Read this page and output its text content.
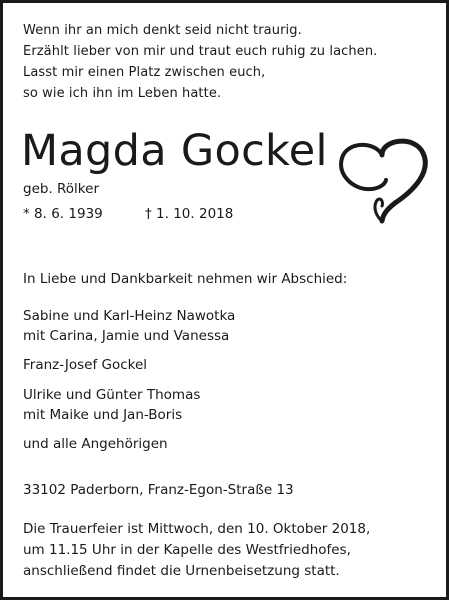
Wenn ihr an mich denkt seid nicht traurig.
Erzählt lieber von mir und traut euch ruhig zu lachen.
Lasst mir einen Platz zwischen euch,
so wie ich ihn im Leben hatte.
Magda Gockel
geb. Rölker
* 8. 6. 1939	† 1. 10. 2018
In Liebe und Dankbarkeit nehmen wir Abschied:
Sabine und Karl-Heinz Nawotka
mit Carina, Jamie und Vanessa
Franz-Josef Gockel
Ulrike und Günter Thomas
mit Maike und Jan-Boris
und alle Angehörigen
33102 Paderborn, Franz-Egon-Straße 13
Die Trauerfeier ist Mittwoch, den 10. Oktober 2018,
um 11.15 Uhr in der Kapelle des Westfriedhofes,
anschließend findet die Urnenbeisetzung statt.
